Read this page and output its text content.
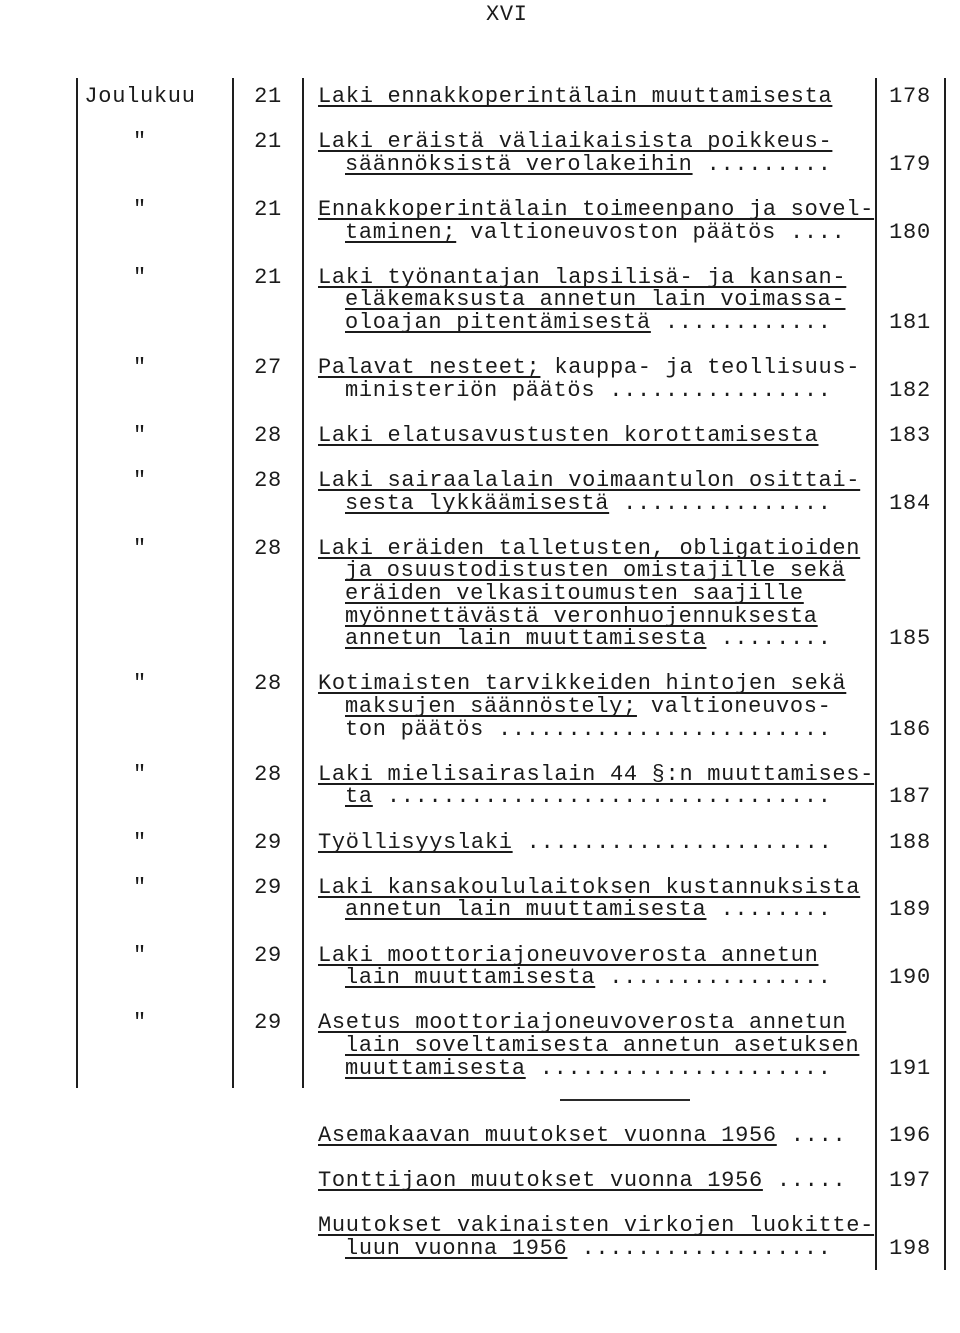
XVI
Joulukuu	21	Laki ennakkoperintälain muuttamisesta	178
"	21	Laki eräistä väliaikaisista poikkeus-
säännöksistä verolakeihin .........	179
"	21	Ennakkoperintälain toimeenpano ja sovel-
taminen; valtioneuvoston päätös ....	180
"	21	Laki työnantajan lapsilisä- ja kansan-
eläkemaksusta annetun lain voimassa-
oloajan pitentämisestä ............	181
"	27	Palavat nesteet; kauppa- ja teollisuus-
ministeriön päätös ................	182
"	28	Laki elatusavustusten korottamisesta	183
"	28	Laki sairaalalain voimaantulon osittai-
sesta lykkäämisestä ...............	184
"	28	Laki eräiden talletusten, obligatioiden
ja osuustodistusten omistajille sekä
eräiden velkasitoumusten saajille
myönnettävästä veronhuojennuksesta
annetun lain muuttamisesta ........	185
"	28	Kotimaisten tarvikkeiden hintojen sekä
maksujen säännöstely; valtioneuvos-
ton päätös ........................	186
"	28	Laki mielisairaslain 44 §:n muuttamises-
ta ................................	187
"	29	Työllisyyslaki ......................	188
"	29	Laki kansakoululaitoksen kustannuksista
annetun lain muuttamisesta ........	189
"	29	Laki moottoriajoneuvoverosta annetun
lain muuttamisesta ................	190
"	29	Asetus moottoriajoneuvoverosta annetun
lain soveltamisesta annetun asetuksen
muuttamisesta .....................	191
Asemakaavan muutokset vuonna 1956 ....	196
Tonttijaon muutokset vuonna 1956 .....	197
Muutokset vakinaisten virkojen luokitte-
luun vuonna 1956 ..................	198
